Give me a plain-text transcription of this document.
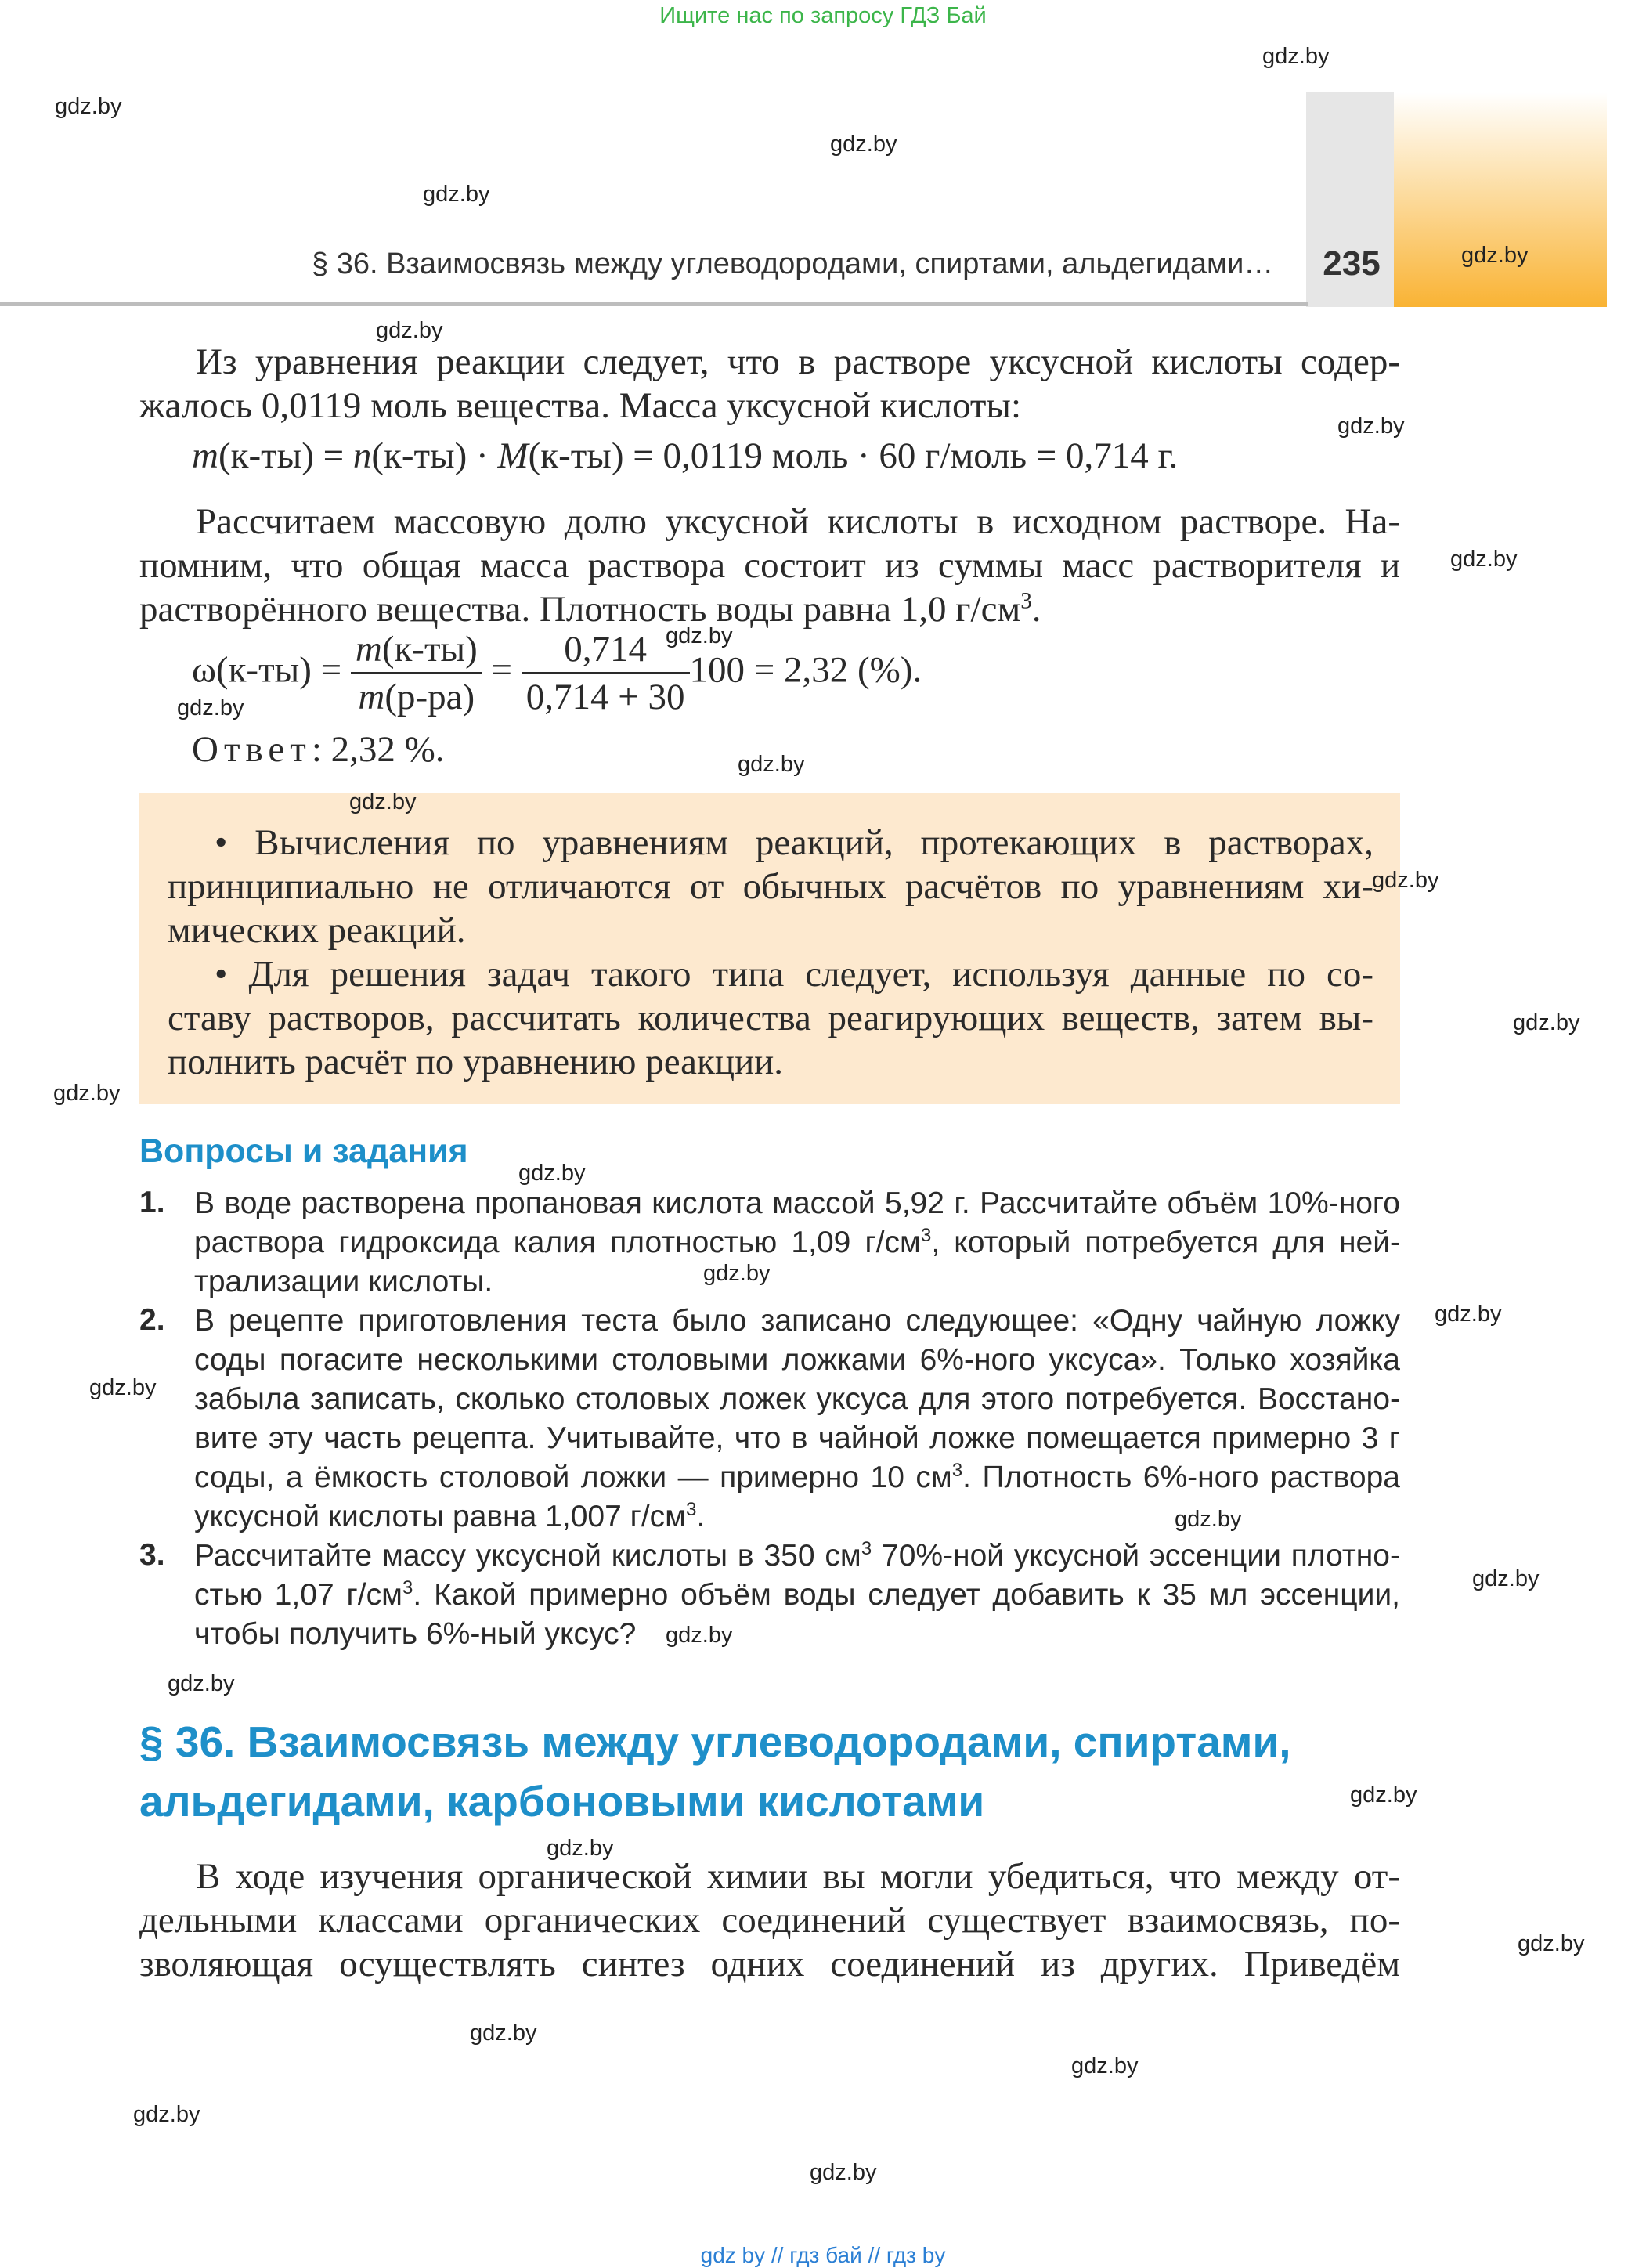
Ищите нас по запросу ГДЗ Бай
§ 36. Взаимосвязь между углеводородами, спиртами, альдегидами…	235
Из уравнения реакции следует, что в растворе уксусной кислоты содер-
жалось 0,0119 моль вещества. Масса уксусной кислоты:
m(к-ты) = n(к-ты) · M(к-ты) = 0,0119 моль · 60 г/моль = 0,714 г.
Рассчитаем массовую долю уксусной кислоты в исходном растворе. На-
помним, что общая масса раствора состоит из суммы масс растворителя и
растворённого вещества. Плотность воды равна 1,0 $г/см^3$.
$\omega(к-ты) = \frac{m(к-ты)}{m(р-ра)} = \frac{0,714}{0,714 + 30} 100 = 2,32$ (%).
Ответ: 2,32 %.
• Вычисления по уравнениям реакций, протекающих в растворах,
принципиально не отличаются от обычных расчётов по уравнениям хи-
мических реакций.
• Для решения задач такого типа следует, используя данные по со-
ставу растворов, рассчитать количества реагирующих веществ, затем вы-
полнить расчёт по уравнению реакции.
Вопросы и задания
1. В воде растворена пропановая кислота массой 5,92 г. Рассчитайте объём 10%-ного
раствора гидроксида калия плотностью 1,09 $г/см^3$, который потребуется для ней-
трализации кислоты.
2. В рецепте приготовления теста было записано следующее: «Одну чайную ложку
соды погасите несколькими столовыми ложками 6%-ного уксуса». Только хозяйка
забыла записать, сколько столовых ложек уксуса для этого потребуется. Восстано-
вите эту часть рецепта. Учитывайте, что в чайной ложке помещается примерно 3 г
соды, а ёмкость столовой ложки — примерно 10 $см^3$. Плотность 6%-ного раствора
уксусной кислоты равна 1,007 $г/см^3$.
3. Рассчитайте массу уксусной кислоты в 350 $см^3$ 70%-ной уксусной эссенции плотно-
стью 1,07 $г/см^3$. Какой примерно объём воды следует добавить к 35 мл эссенции,
чтобы получить 6%-ный уксус?
§ 36. Взаимосвязь между углеводородами, спиртами,
альдегидами, карбоновыми кислотами
В ходе изучения органической химии вы могли убедиться, что между от-
дельными классами органических соединений существует взаимосвязь, по-
зволяющая осуществлять синтез одних соединений из других. Приведём
gdz.by
gdz.by
gdz.by
gdz.by
gdz.by
gdz.by
gdz.by
gdz.by
gdz.by
gdz.by
gdz.by
gdz.by
gdz.by
gdz.by
gdz.by
gdz.by
gdz.by
gdz.by
gdz.by
gdz.by
gdz.by
gdz.by
gdz.by
gdz.by
gdz.by
gdz.by
gdz.by
gdz.by
gdz.by
gdz.by
gdz by // гдз бай // гдз by
